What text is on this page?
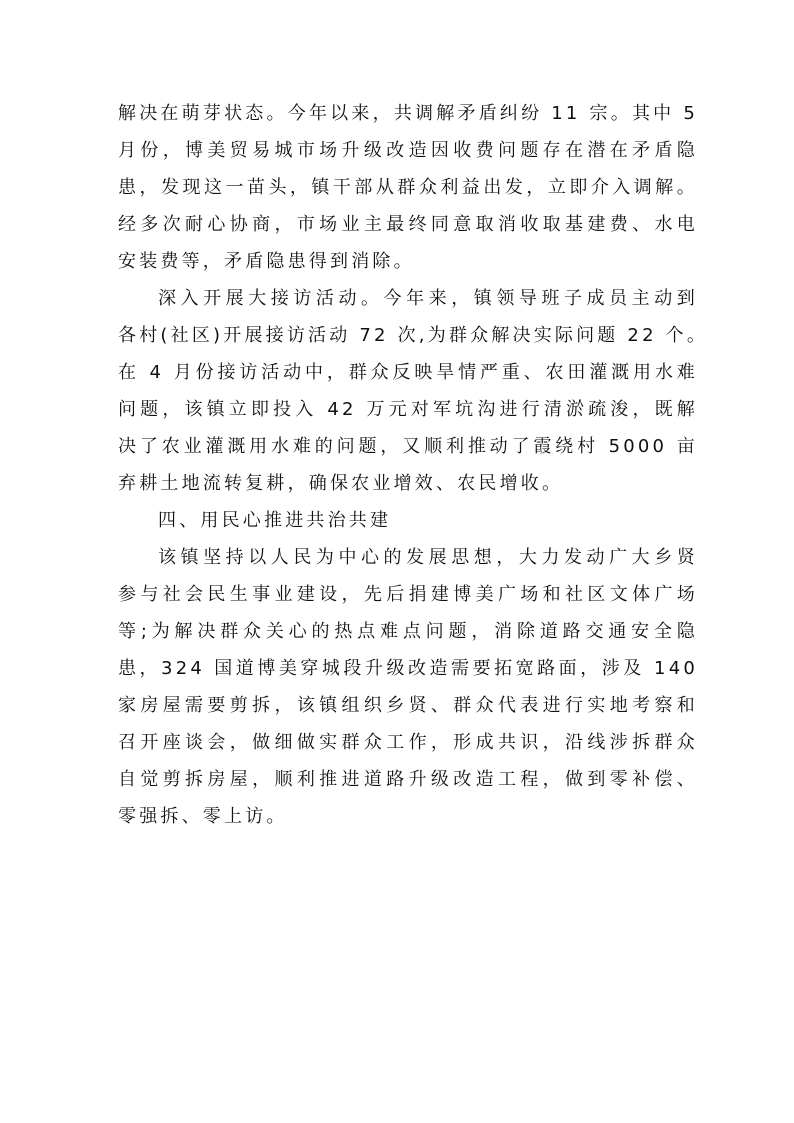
解决在萌芽状态。今年以来，共调解矛盾纠纷 11 宗。其中 5
月份，博美贸易城市场升级改造因收费问题存在潜在矛盾隐
患，发现这一苗头，镇干部从群众利益出发，立即介入调解。
经多次耐心协商，市场业主最终同意取消收取基建费、水电
安装费等，矛盾隐患得到消除。
深入开展大接访活动。今年来，镇领导班子成员主动到
各村(社区)开展接访活动 72 次,为群众解决实际问题 22 个。
在 4 月份接访活动中，群众反映旱情严重、农田灌溉用水难
问题，该镇立即投入 42 万元对军坑沟进行清淤疏浚，既解
决了农业灌溉用水难的问题，又顺利推动了霞绕村 5000 亩
弃耕土地流转复耕，确保农业增效、农民增收。
四、用民心推进共治共建
该镇坚持以人民为中心的发展思想，大力发动广大乡贤
参与社会民生事业建设，先后捐建博美广场和社区文体广场
等;为解决群众关心的热点难点问题，消除道路交通安全隐
患，324 国道博美穿城段升级改造需要拓宽路面，涉及 140
家房屋需要剪拆，该镇组织乡贤、群众代表进行实地考察和
召开座谈会，做细做实群众工作，形成共识，沿线涉拆群众
自觉剪拆房屋，顺利推进道路升级改造工程，做到零补偿、
零强拆、零上访。
